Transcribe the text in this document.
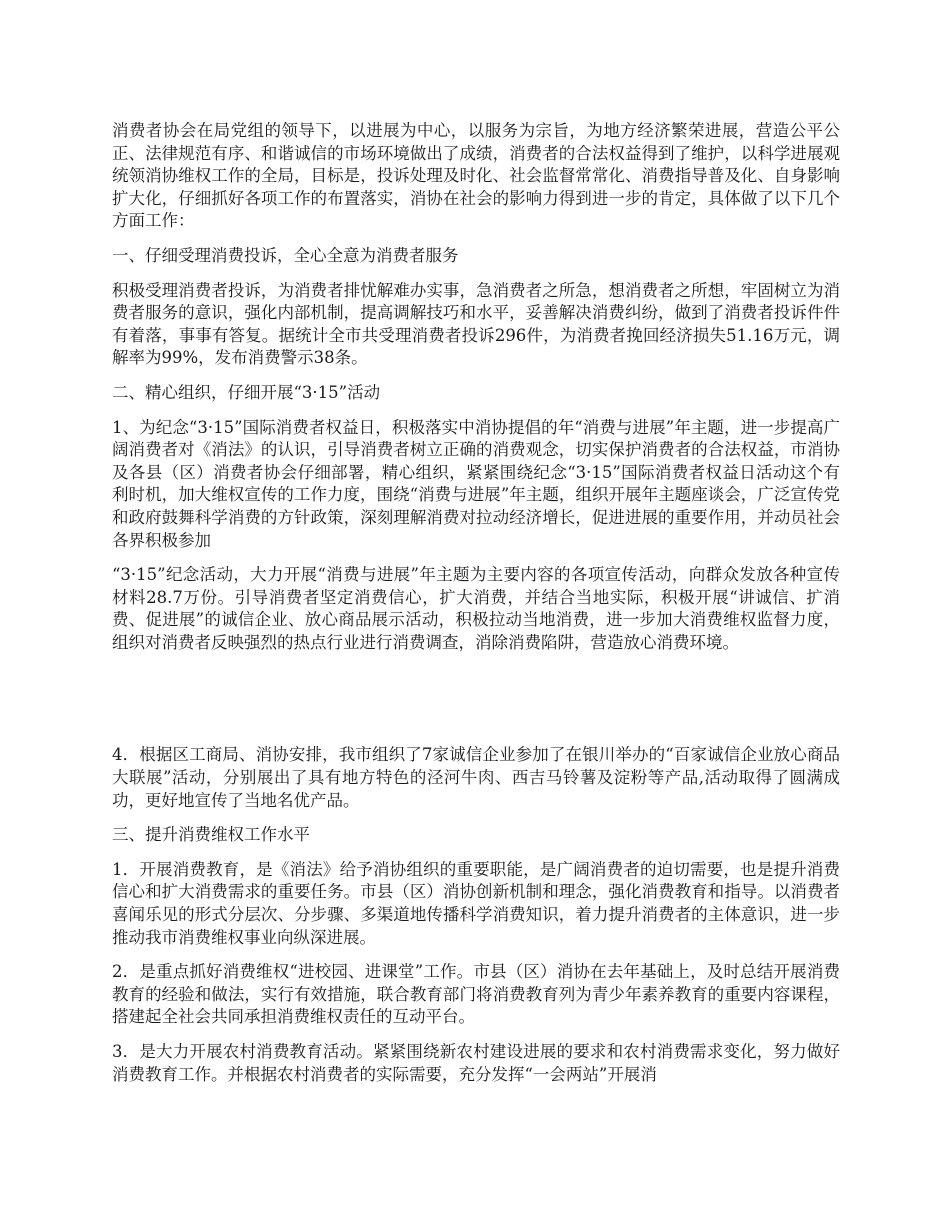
消费者协会在局党组的领导下，以进展为中心，以服务为宗旨，为地方经济繁荣进展，营造公平公正、法律规范有序、和谐诚信的市场环境做出了成绩，消费者的合法权益得到了维护，以科学进展观统领消协维权工作的全局，目标是，投诉处理及时化、社会监督常常化、消费指导普及化、自身影响扩大化，仔细抓好各项工作的布置落实，消协在社会的影响力得到进一步的肯定，具体做了以下几个方面工作：

一、仔细受理消费投诉，全心全意为消费者服务

积极受理消费者投诉，为消费者排忧解难办实事，急消费者之所急，想消费者之所想，牢固树立为消费者服务的意识，强化内部机制，提高调解技巧和水平，妥善解决消费纠纷，做到了消费者投诉件件有着落，事事有答复。据统计全市共受理消费者投诉296件，为消费者挽回经济损失51.16万元，调解率为99%，发布消费警示38条。

二、精心组织，仔细开展“3·15”活动

1、为纪念“3·15”国际消费者权益日，积极落实中消协提倡的年“消费与进展”年主题，进一步提高广阔消费者对《消法》的认识，引导消费者树立正确的消费观念，切实保护消费者的合法权益，市消协及各县（区）消费者协会仔细部署，精心组织，紧紧围绕纪念“3·15”国际消费者权益日活动这个有利时机，加大维权宣传的工作力度，围绕“消费与进展”年主题，组织开展年主题座谈会，广泛宣传党和政府鼓舞科学消费的方针政策，深刻理解消费对拉动经济增长，促进进展的重要作用，并动员社会各界积极参加

“3·15”纪念活动，大力开展“消费与进展”年主题为主要内容的各项宣传活动，向群众发放各种宣传材料28.7万份。引导消费者坚定消费信心，扩大消费，并结合当地实际，积极开展“讲诚信、扩消费、促进展”的诚信企业、放心商品展示活动，积极拉动当地消费，进一步加大消费维权监督力度，组织对消费者反映强烈的热点行业进行消费调查，消除消费陷阱，营造放心消费环境。

4．根据区工商局、消协安排，我市组织了7家诚信企业参加了在银川举办的“百家诚信企业放心商品大联展”活动，分别展出了具有地方特色的泾河牛肉、西吉马铃薯及淀粉等产品,活动取得了圆满成功，更好地宣传了当地名优产品。

三、提升消费维权工作水平

1．开展消费教育，是《消法》给予消协组织的重要职能，是广阔消费者的迫切需要，也是提升消费信心和扩大消费需求的重要任务。市县（区）消协创新机制和理念，强化消费教育和指导。以消费者喜闻乐见的形式分层次、分步骤、多渠道地传播科学消费知识，着力提升消费者的主体意识，进一步推动我市消费维权事业向纵深进展。

2．是重点抓好消费维权“进校园、进课堂”工作。市县（区）消协在去年基础上，及时总结开展消费教育的经验和做法，实行有效措施，联合教育部门将消费教育列为青少年素养教育的重要内容课程，搭建起全社会共同承担消费维权责任的互动平台。

3．是大力开展农村消费教育活动。紧紧围绕新农村建设进展的要求和农村消费需求变化，努力做好消费教育工作。并根据农村消费者的实际需要，充分发挥“一会两站”开展消
